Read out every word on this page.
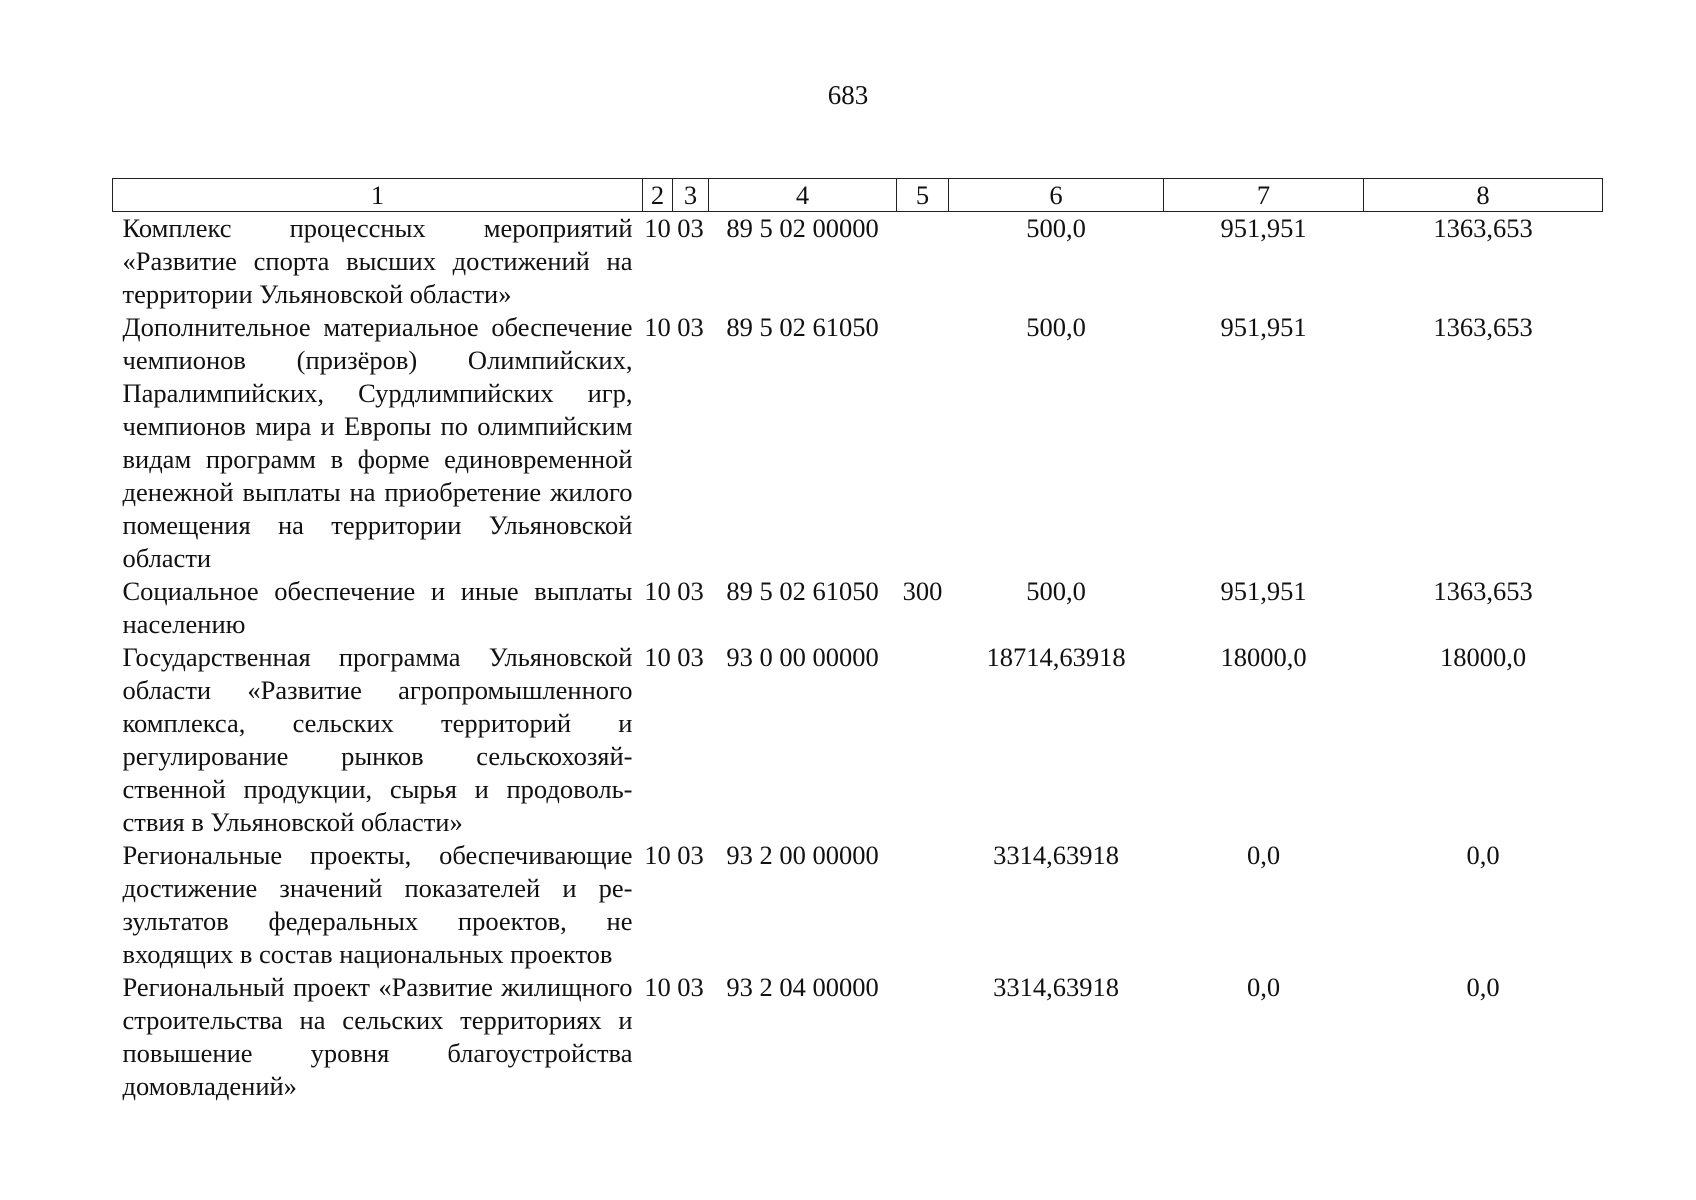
683
1	2	3	4	5	6	7	8
Комплекс процессных мероприятий «Развитие спорта высших достижений на территории Ульяновской области»	10	03	89 5 02 00000		500,0	951,951	1363,653
Дополнительное материальное обеспечение чемпионов (призёров) Олимпийских, Паралимпийских, Сурдлимпийских игр, чемпионов мира и Европы по олимпийским видам программ в форме единовременной денежной выплаты на приобретение жилого помещения на территории Ульяновской области	10	03	89 5 02 61050		500,0	951,951	1363,653
Социальное обеспечение и иные выплаты населению	10	03	89 5 02 61050	300	500,0	951,951	1363,653
Государственная программа Ульяновской области «Развитие агропромышленного комплекса, сельских территорий и регулирование рынков сельскохозяйственной продукции, сырья и продовольствия в Ульяновской области»	10	03	93 0 00 00000		18714,63918	18000,0	18000,0
Региональные проекты, обеспечивающие достижение значений показателей и результатов федеральных проектов, не входящих в состав национальных проектов	10	03	93 2 00 00000		3314,63918	0,0	0,0
Региональный проект «Развитие жилищного строительства на сельских территориях и повышение уровня благоустройства домовладений»	10	03	93 2 04 00000		3314,63918	0,0	0,0
